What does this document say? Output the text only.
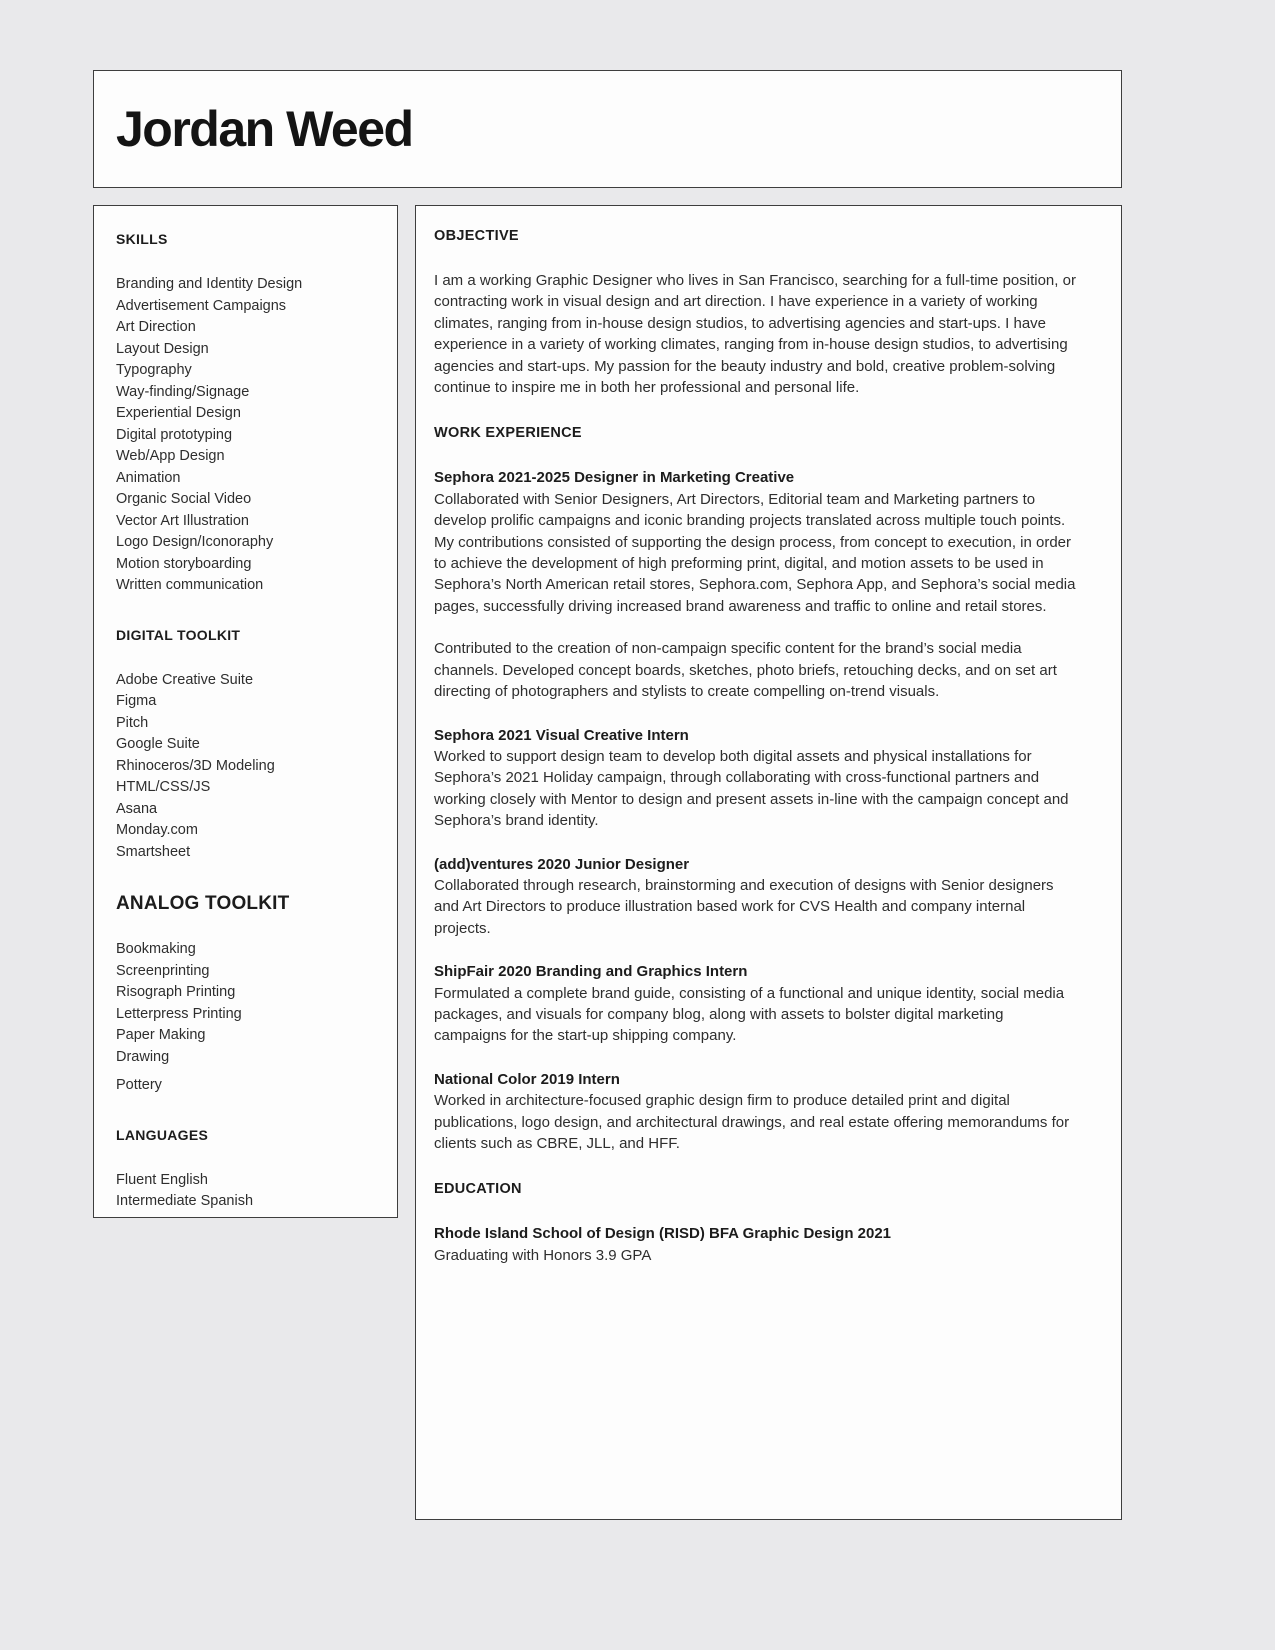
Jordan Weed
SKILLS
Branding and Identity Design
Advertisement Campaigns
Art Direction
Layout Design
Typography
Way-finding/Signage
Experiential Design
Digital prototyping
Web/App Design
Animation
Organic Social Video
Vector Art Illustration
Logo Design/Iconoraphy
Motion storyboarding
Written communication
DIGITAL TOOLKIT
Adobe Creative Suite
Figma
Pitch
Google Suite
Rhinoceros/3D Modeling
HTML/CSS/JS
Asana
Monday.com
Smartsheet
ANALOG TOOLKIT
Bookmaking
Screenprinting
Risograph Printing
Letterpress Printing
Paper Making
Drawing
Pottery
LANGUAGES
Fluent English
Intermediate Spanish
OBJECTIVE

I am a working Graphic Designer who lives in San Francisco, searching for a full-time position, or contracting work in visual design and art direction. I have experience in a variety of working climates, ranging from in-house design studios, to advertising agencies and start-ups. I have experience in a variety of working climates, ranging from in-house design studios, to advertising agencies and start-ups. My passion for the beauty industry and bold, creative problem-solving continue to inspire me in both her professional and personal life.

WORK EXPERIENCE
Sephora 2021-2025 Designer in Marketing Creative

Collaborated with Senior Designers, Art Directors, Editorial team and Marketing partners to develop prolific campaigns and iconic branding projects translated across multiple touch points. My contributions consisted of supporting the design process, from concept to execution, in order to achieve the development of high preforming print, digital, and motion assets to be used in Sephora’s North American retail stores, Sephora.com, Sephora App, and Sephora’s social media pages, successfully driving increased brand awareness and traffic to online and retail stores.

Contributed to the creation of non-campaign specific content for the brand’s social media channels. Developed concept boards, sketches, photo briefs, retouching decks, and on set art directing of photographers and stylists to create compelling on-trend visuals.

Sephora 2021 Visual Creative Intern

Worked to support design team to develop both digital assets and physical installations for Sephora’s 2021 Holiday campaign, through collaborating with cross-functional partners and working closely with Mentor to design and present assets in-line with the campaign concept and Sephora’s brand identity.

(add)ventures 2020 Junior Designer

Collaborated through research, brainstorming and execution of designs with Senior designers and Art Directors to produce illustration based work for CVS Health and company internal projects.

ShipFair 2020 Branding and Graphics Intern

Formulated a complete brand guide, consisting of a functional and unique identity, social media packages, and visuals for company blog, along with assets to bolster digital marketing campaigns for the start-up shipping company.

National Color 2019 Intern

Worked in architecture-focused graphic design firm to produce detailed print and digital publications, logo design, and architectural drawings, and real estate offering memorandums for clients such as CBRE, JLL, and HFF.

EDUCATION
Rhode Island School of Design (RISD) BFA Graphic Design 2021

Graduating with Honors 3.9 GPA
